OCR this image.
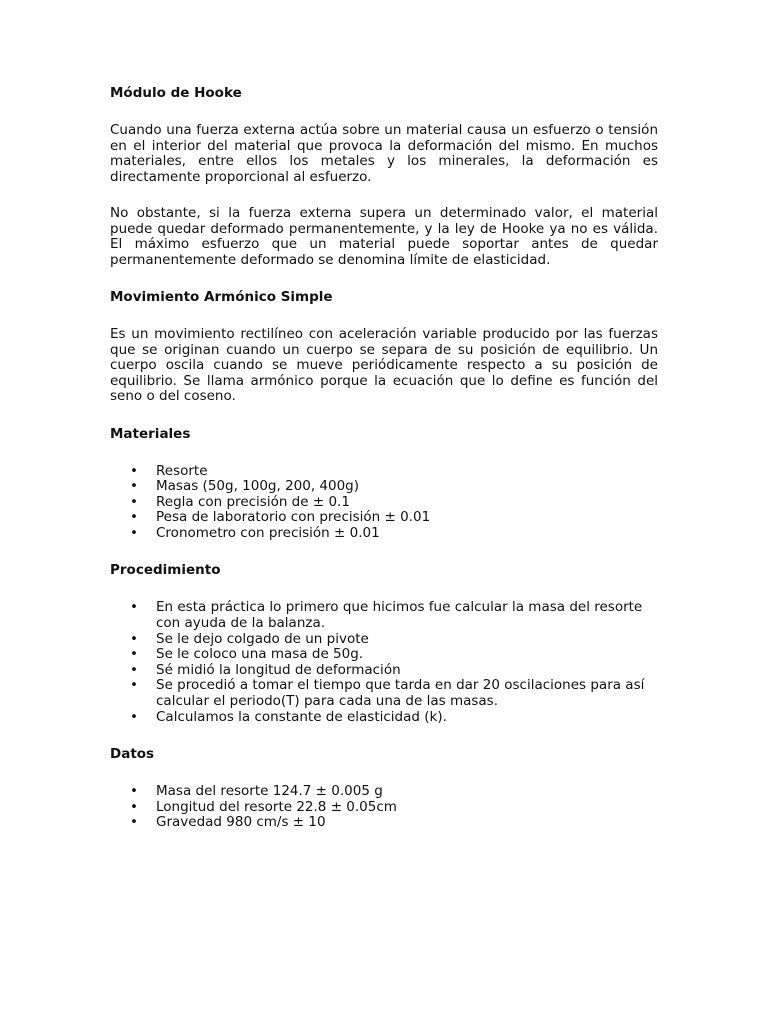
Módulo de Hooke

Cuando una fuerza externa actúa sobre un material causa un esfuerzo o tensión en el interior del material que provoca la deformación del mismo. En muchos materiales, entre ellos los metales y los minerales, la deformación es directamente proporcional al esfuerzo.

No obstante, si la fuerza externa supera un determinado valor, el material puede quedar deformado permanentemente, y la ley de Hooke ya no es válida. El máximo esfuerzo que un material puede soportar antes de quedar permanentemente deformado se denomina límite de elasticidad.

Movimiento Armónico Simple

Es un movimiento rectilíneo con aceleración variable producido por las fuerzas que se originan cuando un cuerpo se separa de su posición de equilibrio. Un cuerpo oscila cuando se mueve periódicamente respecto a su posición de equilibrio. Se llama armónico porque la ecuación que lo define es función del seno o del coseno.

Materiales
• Resorte
• Masas (50g, 100g, 200, 400g)
• Regla con precisión de ± 0.1
• Pesa de laboratorio con precisión ± 0.01
• Cronometro con precisión ± 0.01
Procedimiento
• En esta práctica lo primero que hicimos fue calcular la masa del resorte con ayuda de la balanza.
• Se le dejo colgado de un pivote
• Se le coloco una masa de 50g.
• Sé midió la longitud de deformación
• Se procedió a tomar el tiempo que tarda en dar 20 oscilaciones para así calcular el periodo(T) para cada una de las masas.
• Calculamos la constante de elasticidad (k).
Datos
• Masa del resorte 124.7 ± 0.005 g
• Longitud del resorte 22.8 ± 0.05cm
• Gravedad 980 cm/s ± 10
